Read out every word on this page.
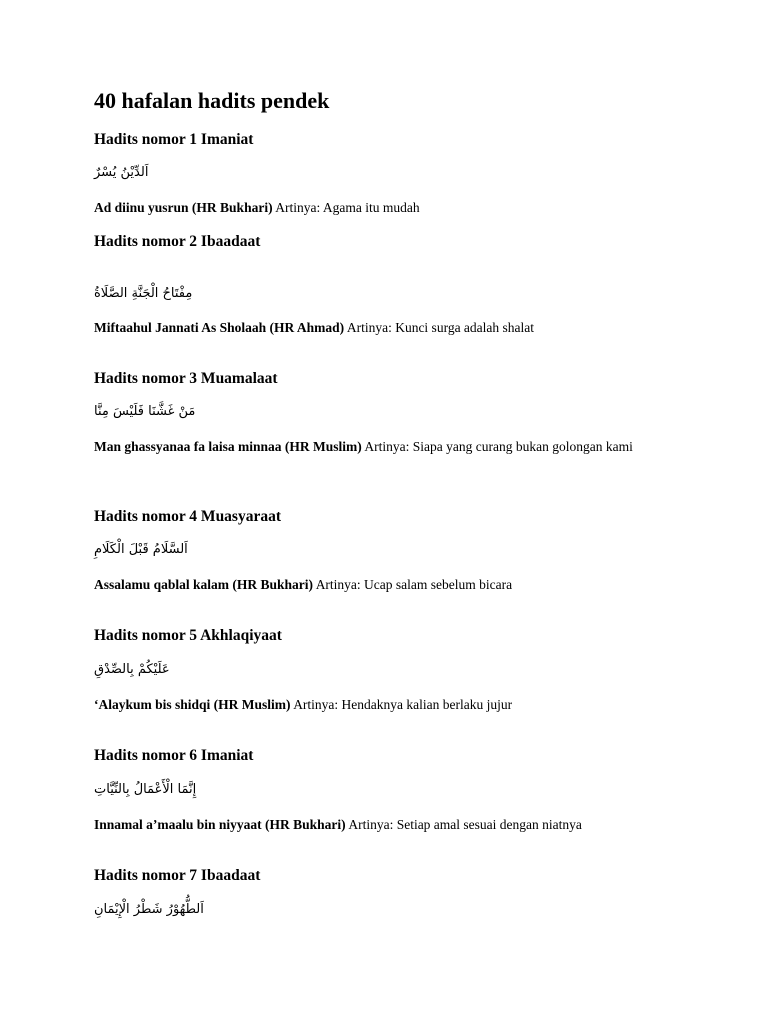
40 hafalan hadits pendek
Hadits nomor 1 Imaniat

اَلدِّيْنُ يُسْرٌ

Ad diinu yusrun (HR Bukhari) Artinya: Agama itu mudah

Hadits nomor 2 Ibaadaat

مِفْتَاحُ الْجَنَّةِ الصَّلَاةُ

Miftaahul Jannati As Sholaah (HR Ahmad) Artinya: Kunci surga adalah shalat

Hadits nomor 3 Muamalaat

مَنْ غَشَّنَا فَلَيْسَ مِنَّا

Man ghassyanaa fa laisa minnaa (HR Muslim) Artinya: Siapa yang curang bukan golongan kami

Hadits nomor 4 Muasyaraat

اَلسَّلَامُ قَبْلَ الْكَلَامِ

Assalamu qablal kalam (HR Bukhari) Artinya: Ucap salam sebelum bicara

Hadits nomor 5 Akhlaqiyaat

عَلَيْكُمْ بِالصِّدْقِ

‘Alaykum bis shidqi (HR Muslim) Artinya: Hendaknya kalian berlaku jujur

Hadits nomor 6 Imaniat

إِنَّمَا الْأَعْمَالُ بِالنِّيَّاتِ

Innamal a’maalu bin niyyaat (HR Bukhari) Artinya: Setiap amal sesuai dengan niatnya

Hadits nomor 7 Ibaadaat

اَلطُّهُوْرُ شَطْرُ الْإِيْمَانِ
